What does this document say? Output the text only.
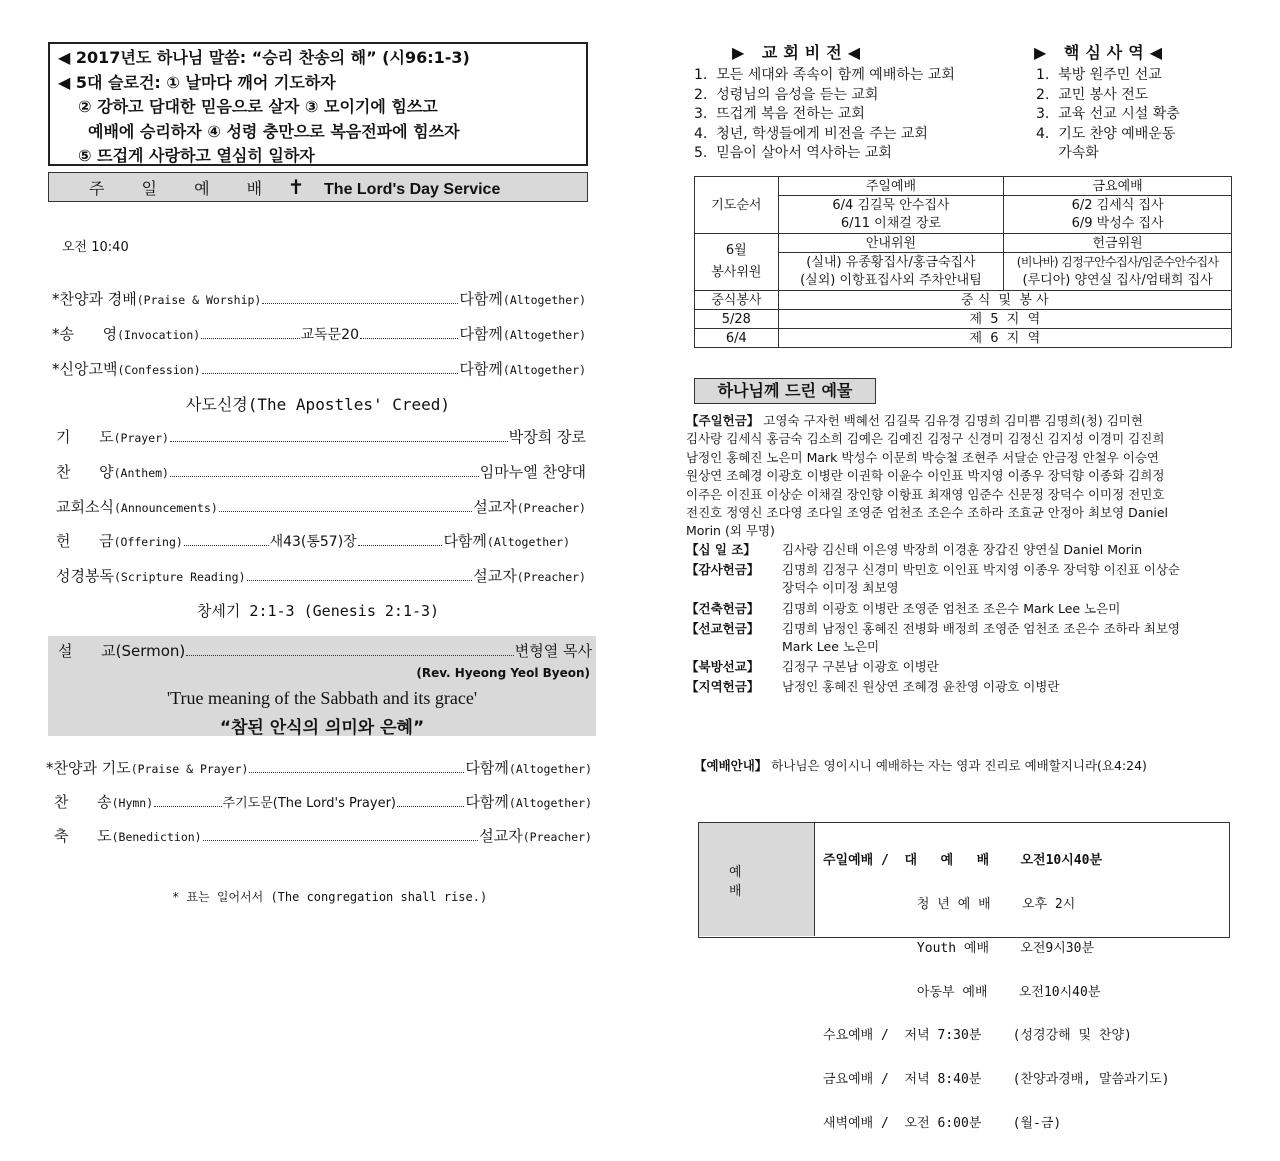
◀ 2017년도 하나님 말씀: “승리 찬송의 해” (시96:1-3)
◀ 5대 슬로건: ① 날마다 깨어 기도하자
② 강하고 담대한 믿음으로 살자 ③ 모이기에 힘쓰고
예배에 승리하자 ④ 성령 충만으로 복음전파에 힘쓰자
⑤ 뜨겁게 사랑하고 열심히 일하자
주 일 예 배 ✝ The Lord's Day Service
오전 10:40
*찬양과 경배 (Praise & Worship)	다함께(Altogether)
*송      영 (Invocation)	교독문20	다함께(Altogether)
*신앙고백 (Confession)	다함께(Altogether)
사도신경(The Apostles' Creed)
기      도 (Prayer)	박장희 장로
찬      양 (Anthem)	임마누엘 찬양대
교회소식 (Announcements)	설교자(Preacher)
헌      금 (Offering)	새43(통57)장	다함께(Altogether)
성경봉독 (Scripture Reading)	설교자(Preacher)
창세기 2:1-3 (Genesis 2:1-3)
설      교 (Sermon)	변형열 목사
(Rev. Hyeong Yeol Byeon)
'True meaning of the Sabbath and its grace'
“참된 안식의 의미와 은혜”
*찬양과 기도 (Praise & Prayer)	다함께(Altogether)
찬      송 (Hymn)	주기도문(The Lord's Prayer)	다함께(Altogether)
축      도 (Benediction)	설교자(Preacher)
* 표는 일어서서 (The congregation shall rise.)
▶ 교회비전◀
1.  모든 세대와 족속이 함께 예배하는 교회
2.  성령님의 음성을 듣는 교회
3.  뜨겁게 복음 전하는 교회
4.  청년, 학생들에게 비전을 주는 교회
5.  믿음이 살아서 역사하는 교회
▶ 핵심사역◀
1.  북방 원주민 선교
2.  교민 봉사 전도
3.  교육 선교 시설 확충
4.  기도 찬양 예배운동
가속화
기도순서	주일예배	금요예배
	6/4 김길묵 안수집사	6/2 김세식 집사
	6/11 이채걸 장로	6/9 박성수 집사

6월
봉사위원	안내위원	헌금위원
	(실내) 유종황집사/홍금숙집사	(비나바) 김정구안수집사/임준수안수집사
	(실외) 이항표집사외 주차안내팀	(루디아) 양연실 집사/엄태희 집사
중식봉사	중 식  및  봉 사	
5/28	제  5  지  역	
6/4	제  6  지  역	
하나님께 드린 예물
【주일헌금】 고영숙 구자헌 백혜선 김길묵 김유경 김명희 김미쁨 김명희(청) 김미현
김사랑 김세식 홍금숙 김소희 김예은 김예진 김정구 신경미 김정신 김지성 이경미 김진희
남정인 홍혜진 노은미 Mark 박성수 이문희 박승철 조현주 서달순 안금정 안철우 이승연
원상연 조혜경 이광호 이병란 이권학 이윤수 이인표 박지영 이종우 장덕향 이종화 김희정
이주은 이진표 이상순 이채걸 장인향 이항표 최재영 임준수 신문정 장덕수 이미정 전민호
전진호 정영신 조다영 조다일 조영준 엄천조 조은수 조하라 조효균 안정아 최보영 Daniel
Morin (외 무명)
【십 일 조】 김사랑 김신태 이은영 박장희 이경훈 장갑진 양연실 Daniel Morin
【감사헌금】 김명희 김정구 신경미 박민호 이인표 박지영 이종우 장덕향 이진표 이상순
장덕수 이미정 최보영
【건축헌금】 김명희 이광호 이병란 조영준 엄천조 조은수 Mark Lee 노은미
【선교헌금】 김명희 남정인 홍혜진 전병화 배정희 조영준 엄천조 조은수 조하라 최보영
Mark Lee 노은미
【북방선교】 김정구 구본남 이광호 이병란
【지역헌금】 남정인 홍혜진 원상연 조혜경 윤찬영 이광호 이병란
【예배안내】 하나님은 영이시니 예배하는 자는 영과 진리로 예배할지니라(요4:24)
예 배

주일예배 /  대   예   배    오전10시40분

청 년 예 배    오후 2시

Youth 예배    오전9시30분

아동부 예배    오전10시40분

수요예배 /  저녁 7:30분    (성경강해 및 찬양)

금요예배 /  저녁 8:40분    (찬양과경배, 말씀과기도)

새벽예배 /  오전 6:00분    (월-금)
